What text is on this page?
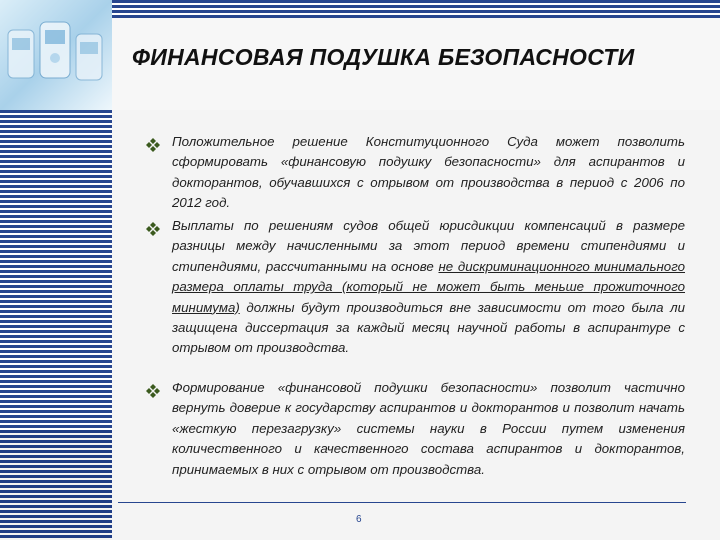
ФИНАНСОВАЯ ПОДУШКА БЕЗОПАСНОСТИ
Положительное решение Конституционного Суда может позволить сформировать «финансовую подушку безопасности» для аспирантов и докторантов, обучавшихся с отрывом от производства в период с 2006 по 2012 год.
Выплаты по решениям судов общей юрисдикции компенсаций в размере разницы между начисленными за этот период времени стипендиями и стипендиями, рассчитанными на основе не дискриминационного минимального размера оплаты труда (который не может быть меньше прожиточного минимума) должны будут производиться вне зависимости от того была ли защищена диссертация за каждый месяц научной работы в аспирантуре с отрывом от производства.
Формирование «финансовой подушки безопасности» позволит частично вернуть доверие к государству аспирантов и докторантов и позволит начать «жесткую перезагрузку» системы науки в России путем изменения количественного и качественного состава аспирантов и докторантов, принимаемых в них с отрывом от производства.
6
